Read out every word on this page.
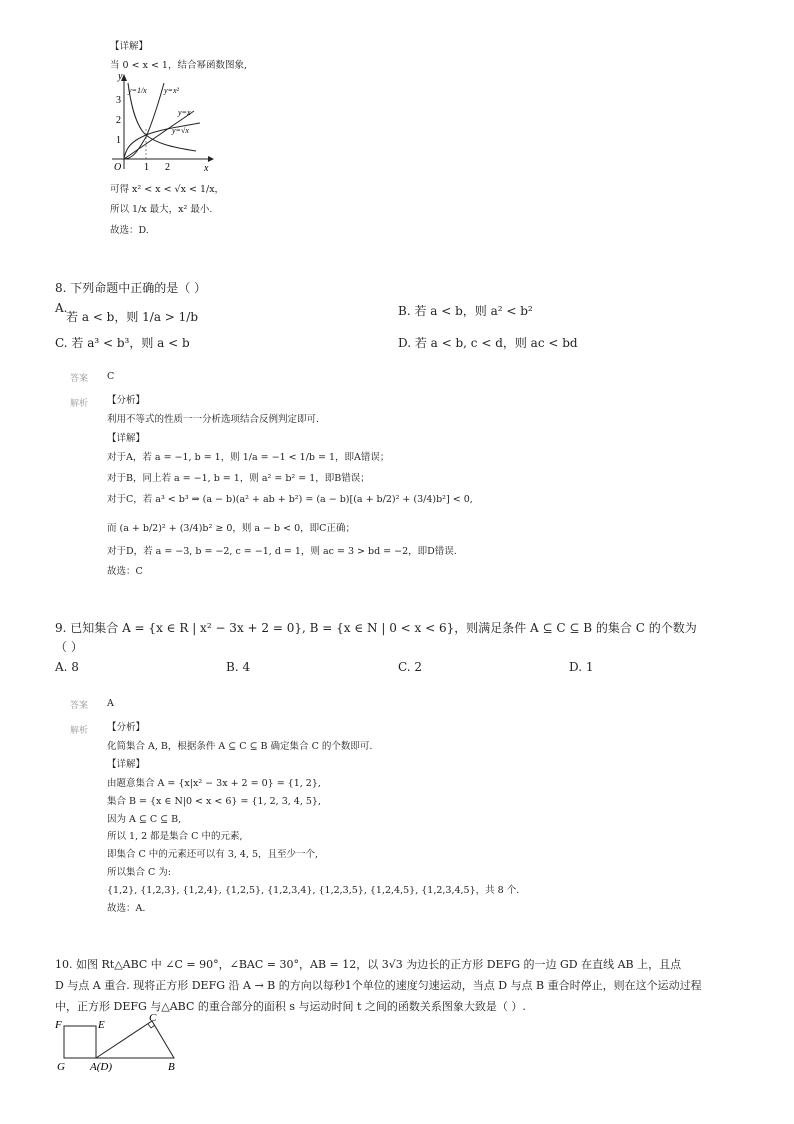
【详解】
当 0 < x < 1，结合幂函数图象,
y
x
O
3
2
1
1 2
y=1/x y=x²
y=x
y=√x
可得 x² < x < √x < 1/x，
所以 1/x 最大，x² 最小.
故选：D.
8. 下列命题中正确的是（ ）
A.
若 a < b，则 1/a > 1/b	B. 若 a < b，则 a² < b²
C. 若 a³ < b³，则 a < b	D. 若 a < b, c < d，则 ac < bd
答案 C
解析 【分析】
利用不等式的性质一一分析选项结合反例判定即可.
【详解】
对于A，若 a = −1, b = 1，则 1/a = −1 < 1/b = 1，即A错误；
对于B，同上若 a = −1, b = 1，则 a² = b² = 1，即B错误；
对于C，若 a³ < b³ ⇒ (a − b)(a² + ab + b²) = (a − b)[(a + b/2)² + (3/4)b²] < 0,
而 (a + b/2)² + (3/4)b² ≥ 0，则 a − b < 0，即C正确；
对于D，若 a = −3, b = −2, c = −1, d = 1，则 ac = 3 > bd = −2，即D错误.
故选：C
9. 已知集合 A = {x ∈ R | x² − 3x + 2 = 0}, B = {x ∈ N | 0 < x < 6}，则满足条件 A ⊆ C ⊆ B 的集合 C 的个数为
（ ）
A. 8	B. 4	C. 2	D. 1
答案 A
解析 【分析】
化简集合 A, B，根据条件 A ⊆ C ⊆ B 确定集合 C 的个数即可.
【详解】
由题意集合 A = {x|x² − 3x + 2 = 0} = {1, 2},
集合 B = {x ∈ N|0 < x < 6} = {1, 2, 3, 4, 5},
因为 A ⊆ C ⊆ B,
所以 1, 2 都是集合 C 中的元素,
即集合 C 中的元素还可以有 3, 4, 5，且至少一个,
所以集合 C 为:
{1,2}, {1,2,3}, {1,2,4}, {1,2,5}, {1,2,3,4}, {1,2,3,5}, {1,2,4,5}, {1,2,3,4,5}，共 8 个.
故选：A.
10. 如图 Rt△ABC 中 ∠C = 90°，∠BAC = 30°，AB = 12，以 3√3 为边长的正方形 DEFG 的一边 GD 在直线 AB 上，且点
D 与点 A 重合. 现将正方形 DEFG 沿 A → B 的方向以每秒1个单位的速度匀速运动，当点 D 与点 B 重合时停止，则在这个运动过程
中，正方形 DEFG 与△ABC 的重合部分的面积 s 与运动时间 t 之间的函数关系图象大致是（ ）.
F	E
C
G A(D)	B
